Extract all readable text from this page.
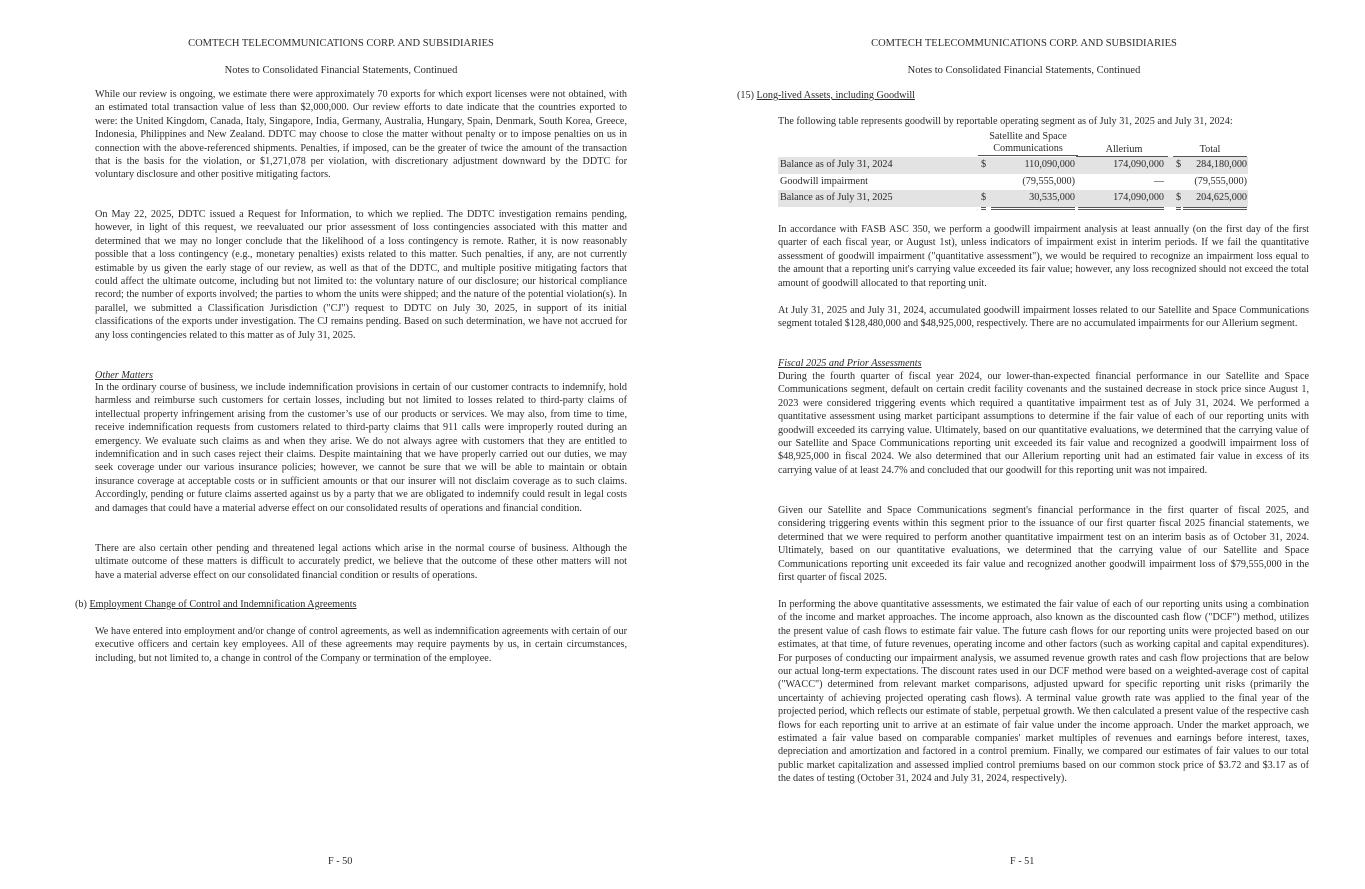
COMTECH TELECOMMUNICATIONS CORP. AND SUBSIDIARIES
Notes to Consolidated Financial Statements, Continued

While our review is ongoing, we estimate there were approximately 70 exports for which export licenses were not obtained, with an estimated total transaction value of less than $2,000,000. Our review efforts to date indicate that the countries exported to were: the United Kingdom, Canada, Italy, Singapore, India, Germany, Australia, Hungary, Spain, Denmark, South Korea, Greece, Indonesia, Philippines and New Zealand. DDTC may choose to close the matter without penalty or to impose penalties on us in connection with the above-referenced shipments. Penalties, if imposed, can be the greater of twice the amount of the transaction that is the basis for the violation, or $1,271,078 per violation, with discretionary adjustment downward by the DDTC for voluntary disclosure and other positive mitigating factors.

On May 22, 2025, DDTC issued a Request for Information, to which we replied. The DDTC investigation remains pending, however, in light of this request, we reevaluated our prior assessment of loss contingencies associated with this matter and determined that we may no longer conclude that the likelihood of a loss contingency is remote. Rather, it is now reasonably possible that a loss contingency (e.g., monetary penalties) exists related to this matter. Such penalties, if any, are not currently estimable by us given the early stage of our review, as well as that of the DDTC, and multiple positive mitigating factors that could affect the ultimate outcome, including but not limited to: the voluntary nature of our disclosure; our historical compliance record; the number of exports involved; the parties to whom the units were shipped; and the nature of the potential violation(s). In parallel, we submitted a Classification Jurisdiction ("CJ") request to DDTC on July 30, 2025, in support of its initial classifications of the exports under investigation. The CJ remains pending. Based on such determination, we have not accrued for any loss contingencies related to this matter as of July 31, 2025.

Other Matters

In the ordinary course of business, we include indemnification provisions in certain of our customer contracts to indemnify, hold harmless and reimburse such customers for certain losses, including but not limited to losses related to third-party claims of intellectual property infringement arising from the customer’s use of our products or services. We may also, from time to time, receive indemnification requests from customers related to third-party claims that 911 calls were improperly routed during an emergency. We evaluate such claims as and when they arise. We do not always agree with customers that they are entitled to indemnification and in such cases reject their claims. Despite maintaining that we have properly carried out our duties, we may seek coverage under our various insurance policies; however, we cannot be sure that we will be able to maintain or obtain insurance coverage at acceptable costs or in sufficient amounts or that our insurer will not disclaim coverage as to such claims. Accordingly, pending or future claims asserted against us by a party that we are obligated to indemnify could result in legal costs and damages that could have a material adverse effect on our consolidated results of operations and financial condition.

There are also certain other pending and threatened legal actions which arise in the normal course of business. Although the ultimate outcome of these matters is difficult to accurately predict, we believe that the outcome of these other matters will not have a material adverse effect on our consolidated financial condition or results of operations.

(b) Employment Change of Control and Indemnification Agreements

We have entered into employment and/or change of control agreements, as well as indemnification agreements with certain of our executive officers and certain key employees. All of these agreements may require payments by us, in certain circumstances, including, but not limited to, a change in control of the Company or termination of the employee.

F - 50
COMTECH TELECOMMUNICATIONS CORP. AND SUBSIDIARIES
Notes to Consolidated Financial Statements, Continued
(15) Long-lived Assets, including Goodwill

The following table represents goodwill by reportable operating segment as of July 31, 2025 and July 31, 2024:

Satellite and Space
Communications	Allerium	Total
Balance as of July 31, 2024	$	110,090,000	174,090,000 $	284,180,000
Goodwill impairment	(79,555,000)	—	(79,555,000)
Balance as of July 31, 2025	$	30,535,000	174,090,000 $	204,625,000

In accordance with FASB ASC 350, we perform a goodwill impairment analysis at least annually (on the first day of the first quarter of each fiscal year, or August 1st), unless indicators of impairment exist in interim periods. If we fail the quantitative assessment of goodwill impairment ("quantitative assessment"), we would be required to recognize an impairment loss equal to the amount that a reporting unit's carrying value exceeded its fair value; however, any loss recognized should not exceed the total amount of goodwill allocated to that reporting unit.

At July 31, 2025 and July 31, 2024, accumulated goodwill impairment losses related to our Satellite and Space Communications segment totaled $128,480,000 and $48,925,000, respectively. There are no accumulated impairments for our Allerium segment.

Fiscal 2025 and Prior Assessments

During the fourth quarter of fiscal year 2024, our lower-than-expected financial performance in our Satellite and Space Communications segment, default on certain credit facility covenants and the sustained decrease in stock price since August 1, 2023 were considered triggering events which required a quantitative impairment test as of July 31, 2024. We performed a quantitative assessment using market participant assumptions to determine if the fair value of each of our reporting units with goodwill exceeded its carrying value. Ultimately, based on our quantitative evaluations, we determined that the carrying value of our Satellite and Space Communications reporting unit exceeded its fair value and recognized a goodwill impairment loss of $48,925,000 in fiscal 2024. We also determined that our Allerium reporting unit had an estimated fair value in excess of its carrying value of at least 24.7% and concluded that our goodwill for this reporting unit was not impaired.

Given our Satellite and Space Communications segment's financial performance in the first quarter of fiscal 2025, and considering triggering events within this segment prior to the issuance of our first quarter fiscal 2025 financial statements, we determined that we were required to perform another quantitative impairment test on an interim basis as of October 31, 2024. Ultimately, based on our quantitative evaluations, we determined that the carrying value of our Satellite and Space Communications reporting unit exceeded its fair value and recognized another goodwill impairment loss of $79,555,000 in the first quarter of fiscal 2025.

In performing the above quantitative assessments, we estimated the fair value of each of our reporting units using a combination of the income and market approaches. The income approach, also known as the discounted cash flow ("DCF") method, utilizes the present value of cash flows to estimate fair value. The future cash flows for our reporting units were projected based on our estimates, at that time, of future revenues, operating income and other factors (such as working capital and capital expenditures). For purposes of conducting our impairment analysis, we assumed revenue growth rates and cash flow projections that are below our actual long-term expectations. The discount rates used in our DCF method were based on a weighted-average cost of capital ("WACC") determined from relevant market comparisons, adjusted upward for specific reporting unit risks (primarily the uncertainty of achieving projected operating cash flows). A terminal value growth rate was applied to the final year of the projected period, which reflects our estimate of stable, perpetual growth. We then calculated a present value of the respective cash flows for each reporting unit to arrive at an estimate of fair value under the income approach. Under the market approach, we estimated a fair value based on comparable companies' market multiples of revenues and earnings before interest, taxes, depreciation and amortization and factored in a control premium. Finally, we compared our estimates of fair values to our total public market capitalization and assessed implied control premiums based on our common stock price of $3.72 and $3.17 as of the dates of testing (October 31, 2024 and July 31, 2024, respectively).

F - 51
